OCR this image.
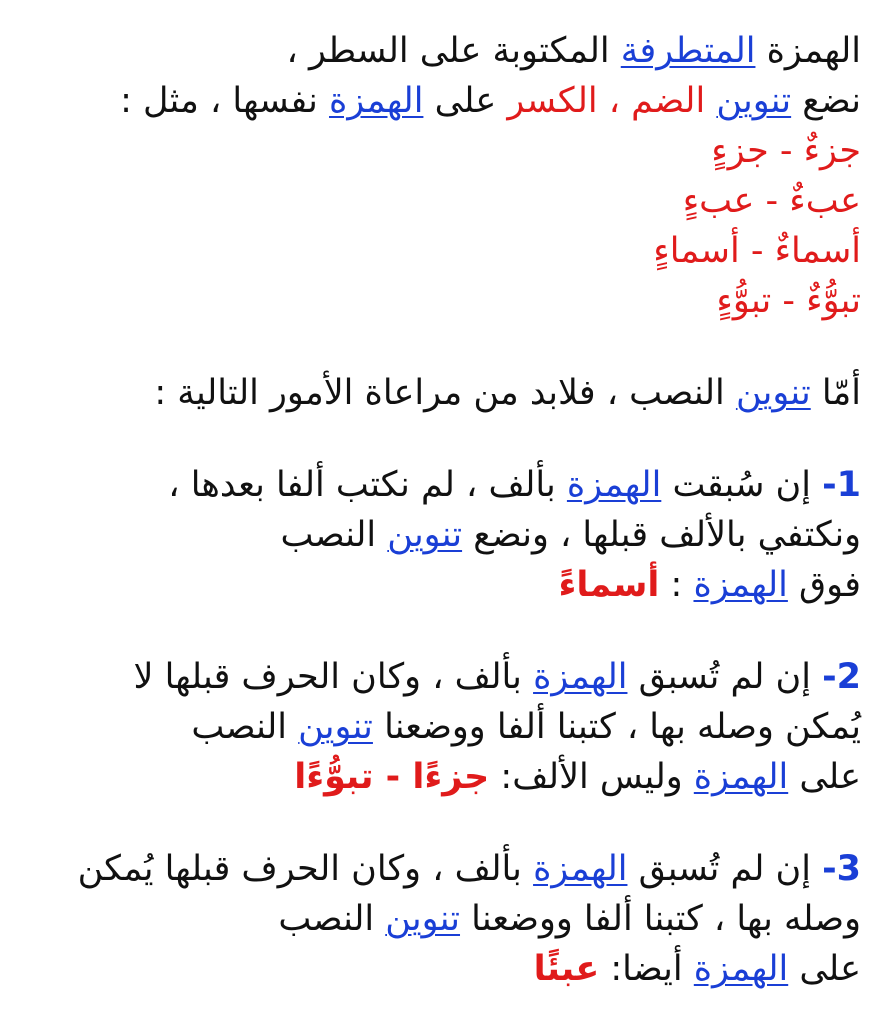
الهمزة المتطرفة المكتوبة على السطر ،
نضع تنوين الضم ، الكسر على الهمزة نفسها ، مثل :
جزءٌ - جزءٍ
عبءٌ - عبءٍ
أسماءٌ - أسماءٍ
تبوُّءٌ - تبوُّءٍ
أمّا تنوين النصب ، فلابد من مراعاة الأمور التالية :
1- إن سُبقت الهمزة بألف ، لم نكتب ألفا بعدها ،
ونكتفي بالألف قبلها ، ونضع تنوين النصب
فوق الهمزة : أسماءً
2- إن لم تُسبق الهمزة بألف ، وكان الحرف قبلها لا
يُمكن وصله بها ، كتبنا ألفا ووضعنا تنوين النصب
على الهمزة وليس الألف: جزءًا - تبوُّءًا
3- إن لم تُسبق الهمزة بألف ، وكان الحرف قبلها يُمكن
وصله بها ، كتبنا ألفا ووضعنا تنوين النصب
على الهمزة أيضا: عبئًا
